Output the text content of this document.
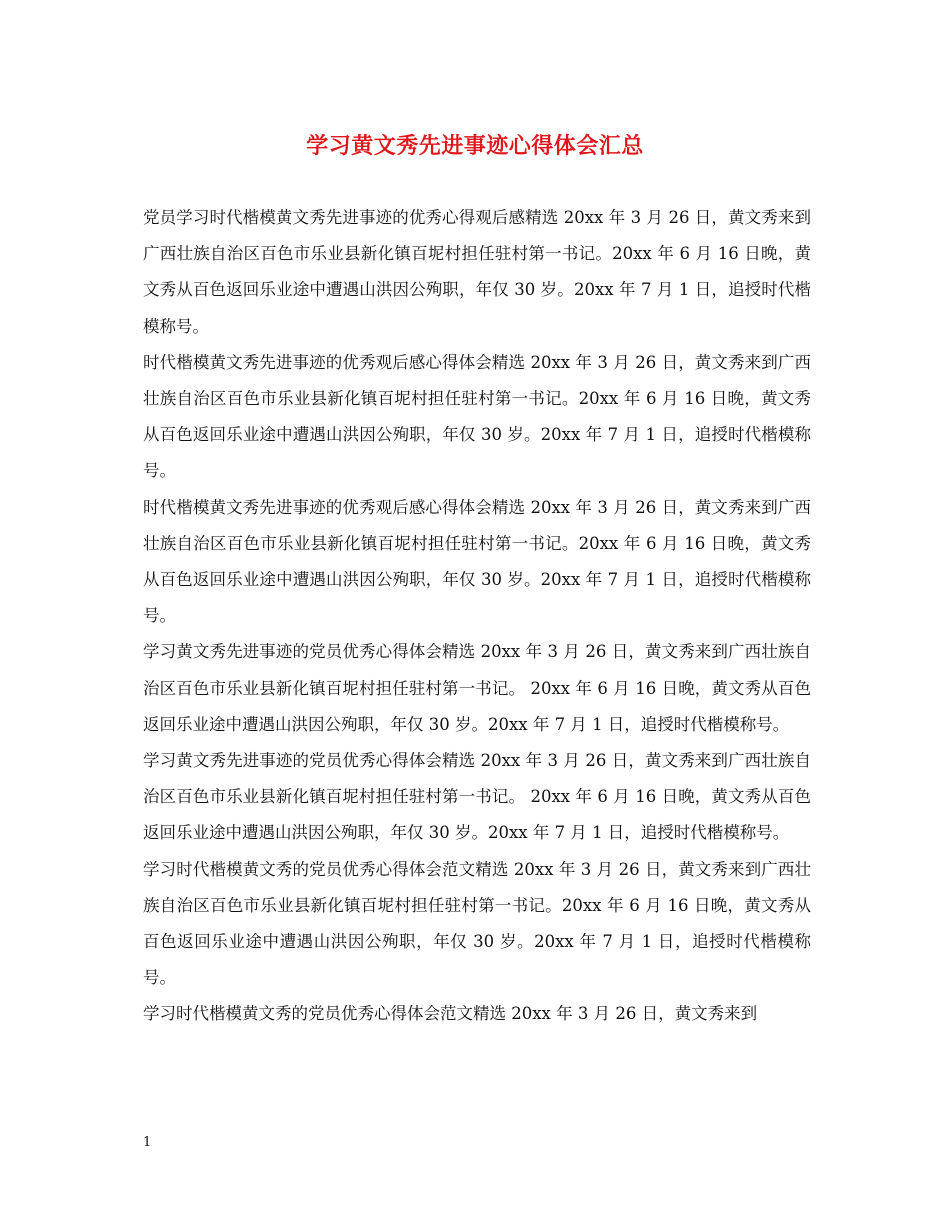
学习黄文秀先进事迹心得体会汇总

党员学习时代楷模黄文秀先进事迹的优秀心得观后感精选 20xx 年 3 月 26 日，黄文秀来到广西壮族自治区百色市乐业县新化镇百坭村担任驻村第一书记。20xx 年 6 月 16 日晚，黄文秀从百色返回乐业途中遭遇山洪因公殉职，年仅 30 岁。20xx 年 7 月 1 日，追授时代楷模称号。

时代楷模黄文秀先进事迹的优秀观后感心得体会精选 20xx 年 3 月 26 日，黄文秀来到广西壮族自治区百色市乐业县新化镇百坭村担任驻村第一书记。20xx 年 6 月 16 日晚，黄文秀从百色返回乐业途中遭遇山洪因公殉职，年仅 30 岁。20xx 年 7 月 1 日，追授时代楷模称号。

时代楷模黄文秀先进事迹的优秀观后感心得体会精选 20xx 年 3 月 26 日，黄文秀来到广西壮族自治区百色市乐业县新化镇百坭村担任驻村第一书记。20xx 年 6 月 16 日晚，黄文秀从百色返回乐业途中遭遇山洪因公殉职，年仅 30 岁。20xx 年 7 月 1 日，追授时代楷模称号。

学习黄文秀先进事迹的党员优秀心得体会精选 20xx 年 3 月 26 日，黄文秀来到广西壮族自治区百色市乐业县新化镇百坭村担任驻村第一书记。 20xx 年 6 月 16 日晚，黄文秀从百色返回乐业途中遭遇山洪因公殉职，年仅 30 岁。20xx 年 7 月 1 日，追授时代楷模称号。

学习黄文秀先进事迹的党员优秀心得体会精选 20xx 年 3 月 26 日，黄文秀来到广西壮族自治区百色市乐业县新化镇百坭村担任驻村第一书记。 20xx 年 6 月 16 日晚，黄文秀从百色返回乐业途中遭遇山洪因公殉职，年仅 30 岁。20xx 年 7 月 1 日，追授时代楷模称号。

学习时代楷模黄文秀的党员优秀心得体会范文精选 20xx 年 3 月 26 日，黄文秀来到广西壮族自治区百色市乐业县新化镇百坭村担任驻村第一书记。20xx 年 6 月 16 日晚，黄文秀从百色返回乐业途中遭遇山洪因公殉职，年仅 30 岁。20xx 年 7 月 1 日，追授时代楷模称号。

学习时代楷模黄文秀的党员优秀心得体会范文精选 20xx 年 3 月 26 日，黄文秀来到

1
